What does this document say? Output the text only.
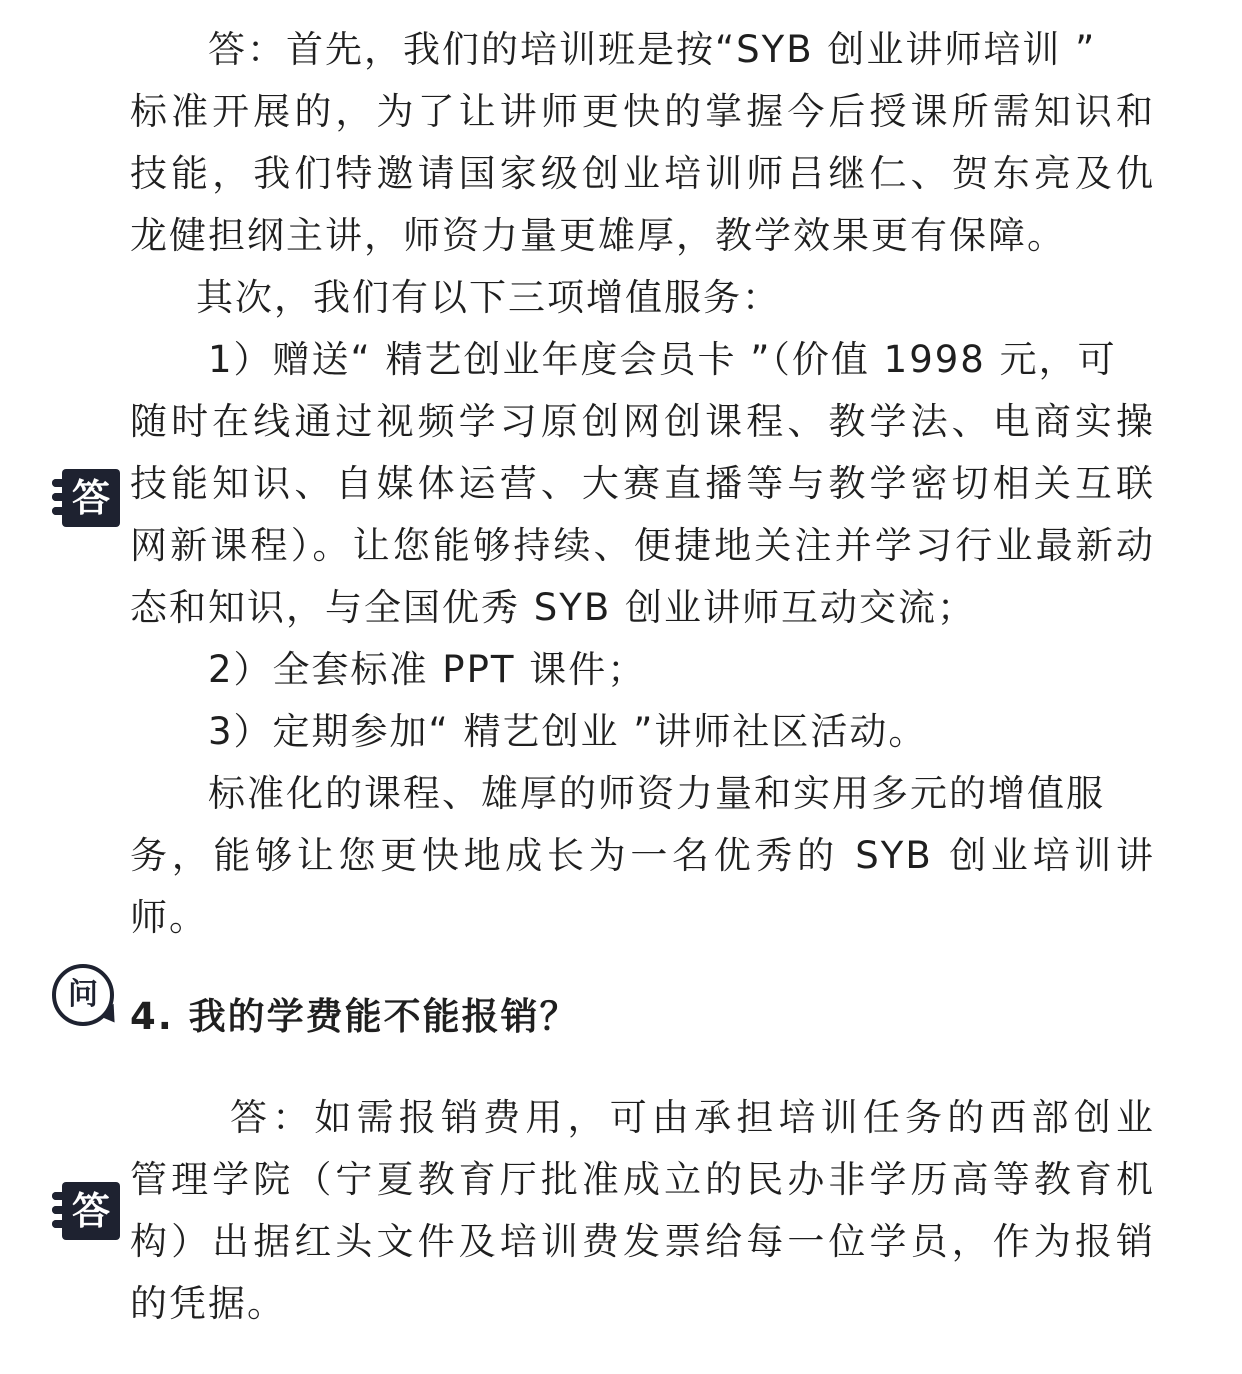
答：首先，我们的培训班是按“SYB 创业讲师培训 ”
标准开展的，为了让讲师更快的掌握今后授课所需知识和
技能，我们特邀请国家级创业培训师吕继仁、贺东亮及仇
龙健担纲主讲，师资力量更雄厚，教学效果更有保障。
其次，我们有以下三项增值服务：
1）赠送“ 精艺创业年度会员卡 ”（价值 1998 元，可
随时在线通过视频学习原创网创课程、教学法、电商实操
技能知识、自媒体运营、大赛直播等与教学密切相关互联
网新课程）。让您能够持续、便捷地关注并学习行业最新动
态和知识，与全国优秀 SYB 创业讲师互动交流；
2）全套标准 PPT 课件；
3）定期参加“ 精艺创业 ”讲师社区活动。
标准化的课程、雄厚的师资力量和实用多元的增值服
务，能够让您更快地成长为一名优秀的 SYB 创业培训讲
师。
答
问
4. 我的学费能不能报销？
答：如需报销费用，可由承担培训任务的西部创业
管理学院（宁夏教育厅批准成立的民办非学历高等教育机
构）出据红头文件及培训费发票给每一位学员，作为报销
的凭据。
答
